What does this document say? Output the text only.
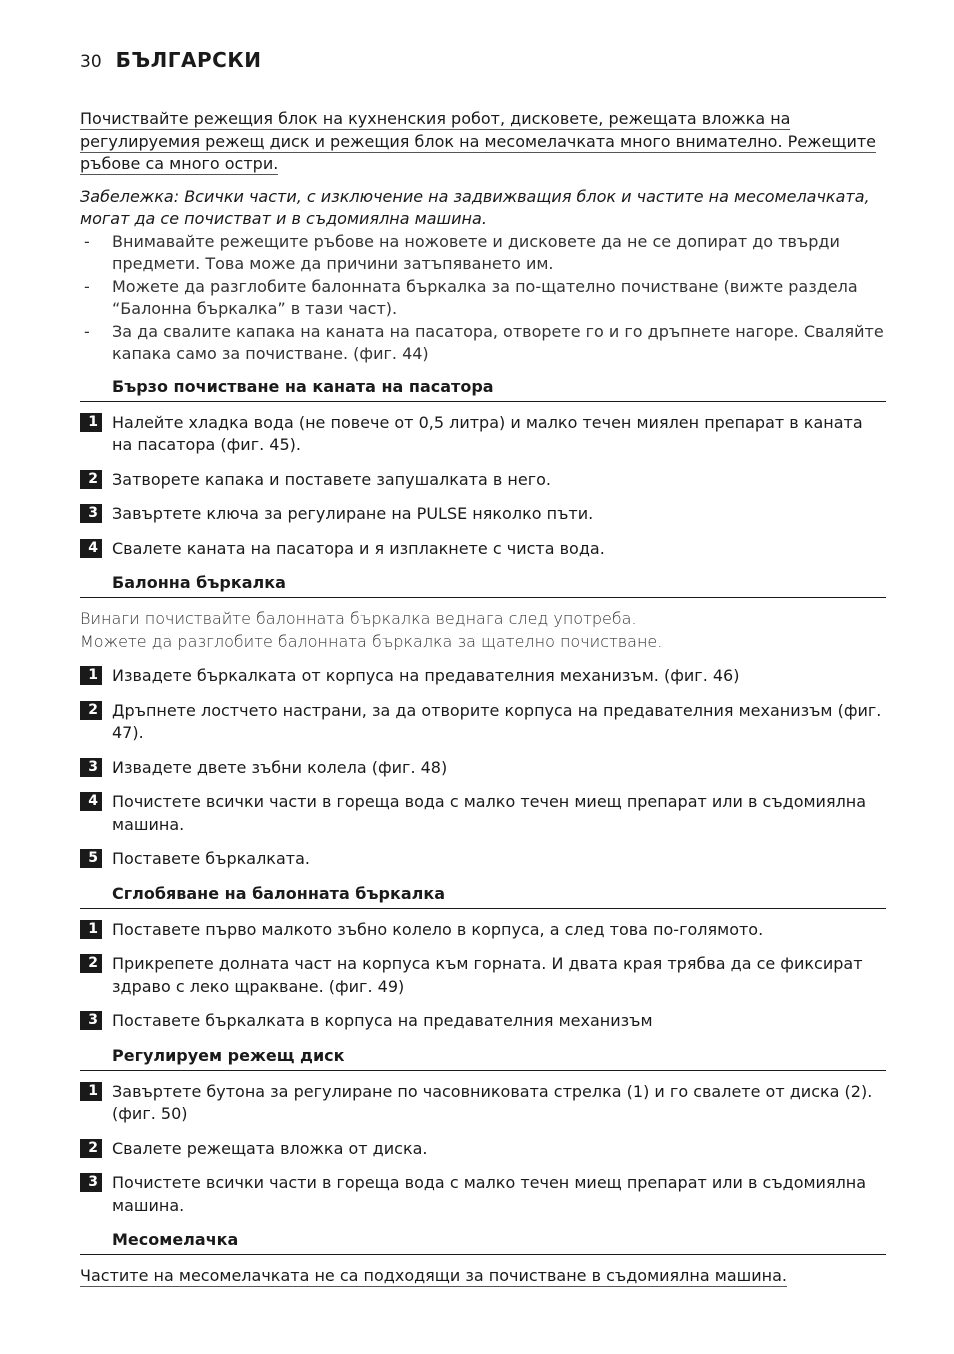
30 БЪЛГАРСКИ
Почиствайте режещия блок на кухненския робот, дисковете, режещата вложка на
регулируемия режещ диск и режещия блок на месомелачката много внимателно. Режещите
ръбове са много остри.

Забележка: Всички части, с изключение на задвижващия блок и частите на месомелачката,
могат да се почистват и в съдомиялна машина.

- Внимавайте режещите ръбове на ножовете и дисковете да не се допират до твърди предмети. Това може да причини затъпяването им.
- Можете да разглобите балонната бъркалка за по-щателно почистване (вижте раздела “Балонна бъркалка” в тази част).
- За да свалите капака на каната на пасатора, отворете го и го дръпнете нагоре. Сваляйте капака само за почистване. (фиг. 44)
Бързо почистване на каната на пасатора
1 Налейте хладка вода (не повече от 0,5 литра) и малко течен миялен препарат в каната на пасатора (фиг. 45).
2 Затворете капака и поставете запушалката в него.
3 Завъртете ключа за регулиране на PULSE няколко пъти.
4 Свалете каната на пасатора и я изплакнете с чиста вода.
Балонна бъркалка
Винаги почиствайте балонната бъркалка веднага след употреба.
Можете да разглобите балонната бъркалка за щателно почистване.
1 Извадете бъркалката от корпуса на предавателния механизъм. (фиг. 46)
2 Дръпнете лостчето настрани, за да отворите корпуса на предавателния механизъм (фиг. 47).
3 Извадете двете зъбни колела (фиг. 48)
4 Почистете всички части в гореща вода с малко течен миещ препарат или в съдомиялна машина.
5 Поставете бъркалката.
Сглобяване на балонната бъркалка
1 Поставете първо малкото зъбно колело в корпуса, а след това по-голямото.
2 Прикрепете долната част на корпуса към горната. И двата края трябва да се фиксират здраво с леко щракване. (фиг. 49)
3 Поставете бъркалката в корпуса на предавателния механизъм
Регулируем режещ диск
1 Завъртете бутона за регулиране по часовниковата стрелка (1) и го свалете от диска (2). (фиг. 50)
2 Свалете режещата вложка от диска.
3 Почистете всички части в гореща вода с малко течен миещ препарат или в съдомиялна машина.
Месомелачка
Частите на месомелачката не са подходящи за почистване в съдомиялна машина.
